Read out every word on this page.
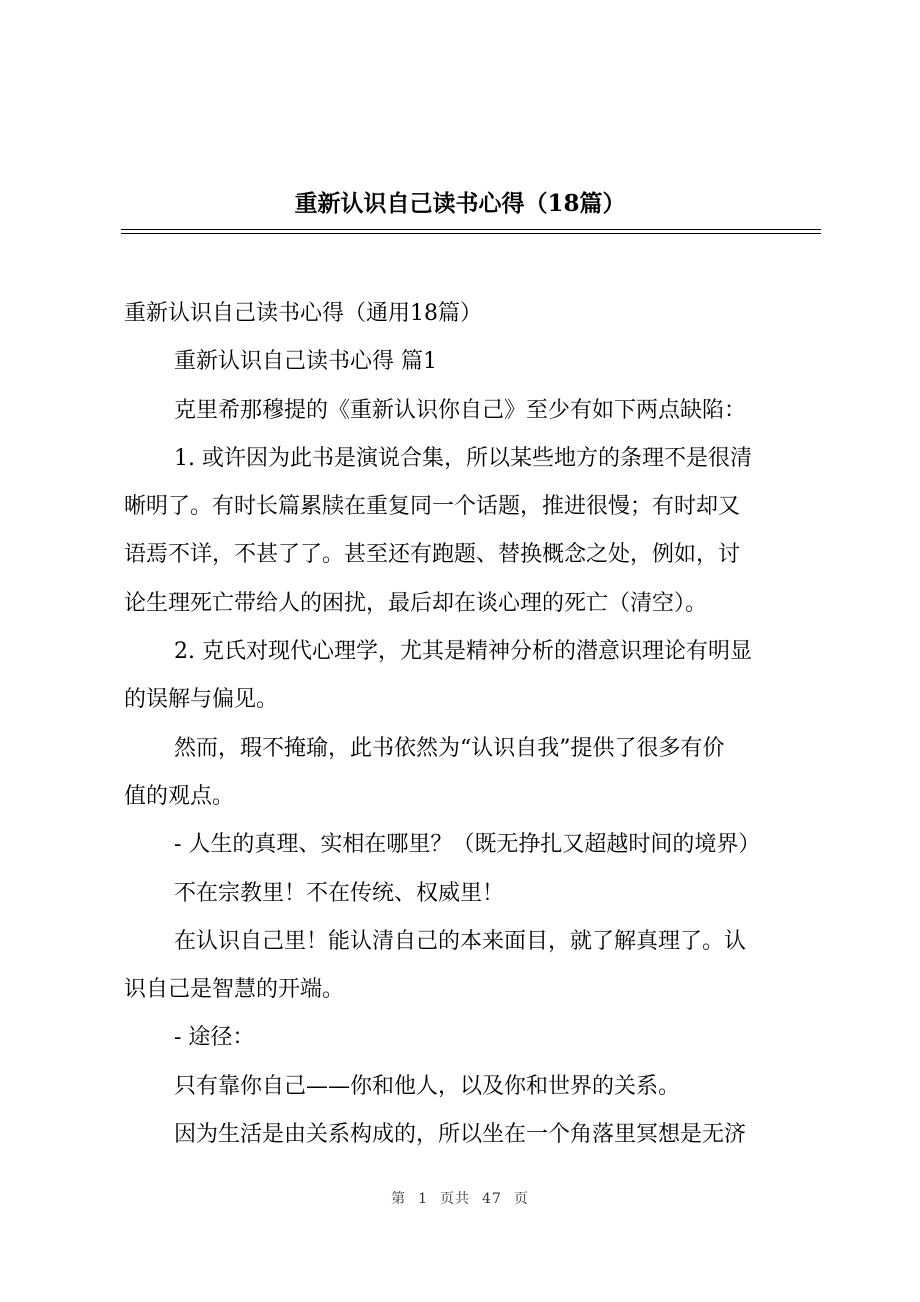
重新认识自己读书心得（18篇）
重新认识自己读书心得（通用18篇）
重新认识自己读书心得 篇1
克里希那穆提的《重新认识你自己》至少有如下两点缺陷：
1. 或许因为此书是演说合集，所以某些地方的条理不是很清
晰明了。有时长篇累牍在重复同一个话题，推进很慢；有时却又
语焉不详，不甚了了。甚至还有跑题、替换概念之处，例如，讨
论生理死亡带给人的困扰，最后却在谈心理的死亡（清空）。
2. 克氏对现代心理学，尤其是精神分析的潜意识理论有明显
的误解与偏见。
然而，瑕不掩瑜，此书依然为“认识自我”提供了很多有价
值的观点。
- 人生的真理、实相在哪里？（既无挣扎又超越时间的境界）
不在宗教里！不在传统、权威里！
在认识自己里！能认清自己的本来面目，就了解真理了。认
识自己是智慧的开端。
- 途径：
只有靠你自己——你和他人，以及你和世界的关系。
因为生活是由关系构成的，所以坐在一个角落里冥想是无济
第 1 页共 47 页
